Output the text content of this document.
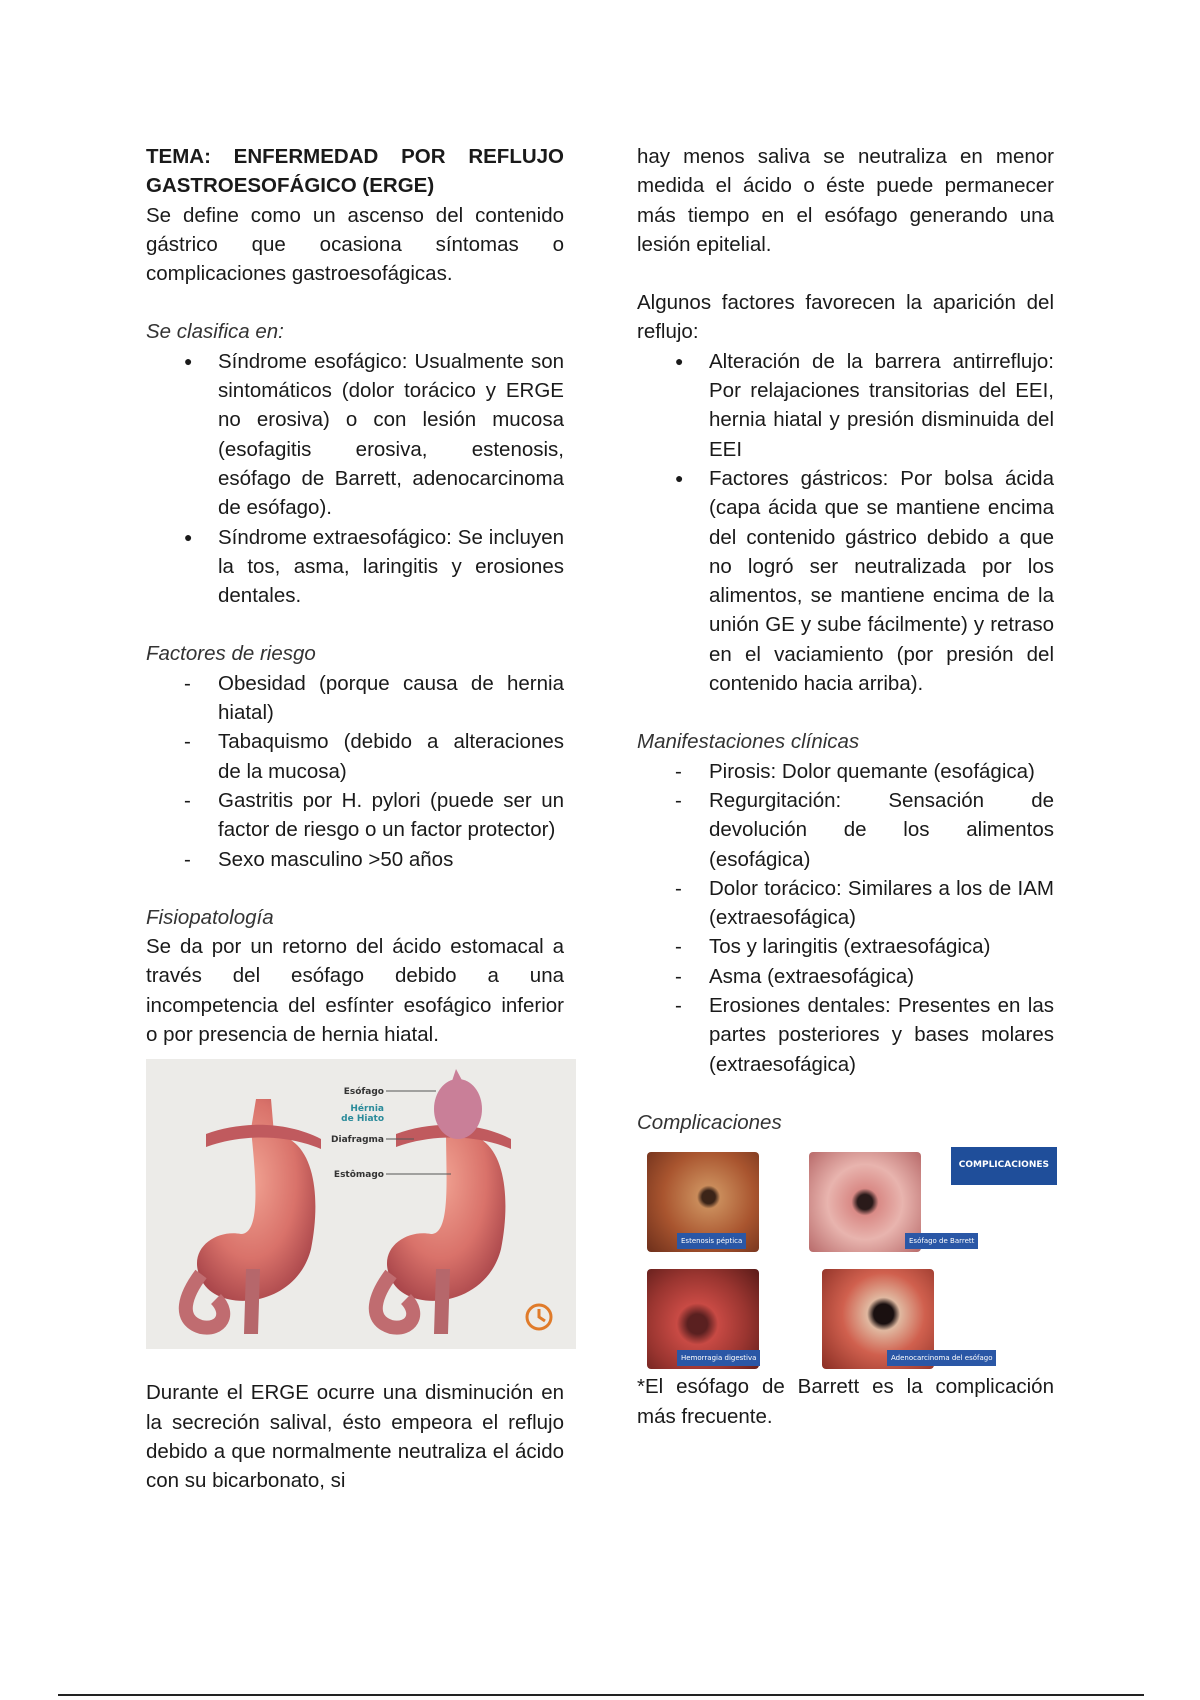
TEMA: ENFERMEDAD POR REFLUJO GASTROESOFÁGICO (ERGE)

Se define como un ascenso del contenido gástrico que ocasiona síntomas o complicaciones gastroesofágicas.

Se clasifica en:

● Síndrome esofágico: Usualmente son sintomáticos (dolor torácico y ERGE no erosiva) o con lesión mucosa (esofagitis erosiva, estenosis, esófago de Barrett, adenocarcinoma de esófago).
● Síndrome extraesofágico: Se incluyen la tos, asma, laringitis y erosiones dentales.

Factores de riesgo

- Obesidad (porque causa de hernia hiatal)
- Tabaquismo (debido a alteraciones de la mucosa)
- Gastritis por H. pylori (puede ser un factor de riesgo o un factor protector)
- Sexo masculino >50 años

Fisiopatología

Se da por un retorno del ácido estomacal a través del esófago debido a una incompetencia del esfínter esofágico inferior o por presencia de hernia hiatal.

Esófago
Hérnia
de Hiato
Diafragma
Estômago

Durante el ERGE ocurre una disminución en la secreción salival, ésto empeora el reflujo debido a que normalmente neutraliza el ácido con su bicarbonato, si

hay menos saliva se neutraliza en menor medida el ácido o éste puede permanecer más tiempo en el esófago generando una lesión epitelial.

Algunos factores favorecen la aparición del reflujo:

● Alteración de la barrera antirreflujo: Por relajaciones transitorias del EEI, hernia hiatal y presión disminuida del EEI
● Factores gástricos: Por bolsa ácida (capa ácida que se mantiene encima del contenido gástrico debido a que no logró ser neutralizada por los alimentos, se mantiene encima de la unión GE y sube fácilmente) y retraso en el vaciamiento (por presión del contenido hacia arriba).

Manifestaciones clínicas

- Pirosis: Dolor quemante (esofágica)
- Regurgitación: Sensación de devolución de los alimentos (esofágica)
- Dolor torácico: Similares a los de IAM (extraesofágica)
- Tos y laringitis (extraesofágica)
- Asma (extraesofágica)
- Erosiones dentales: Presentes en las partes posteriores y bases molares (extraesofágica)

Complicaciones

COMPLICACIONES
Estenosis péptica	Esófago de Barrett
Hemorragia digestiva	Adenocarcinoma del esófago

*El esófago de Barrett es la complicación más frecuente.
